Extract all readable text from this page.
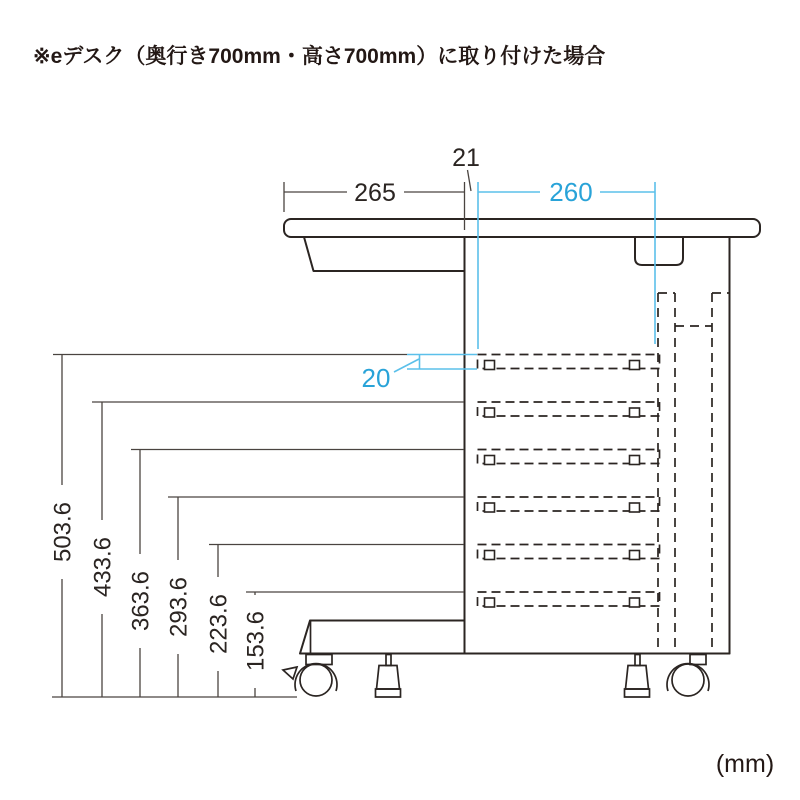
※eデスク（奥行き700mm・高さ700mm）に取り付けた場合
265
21
260
20
503.6
433.6
363.6 293.6 223.6 153.6
(mm)
